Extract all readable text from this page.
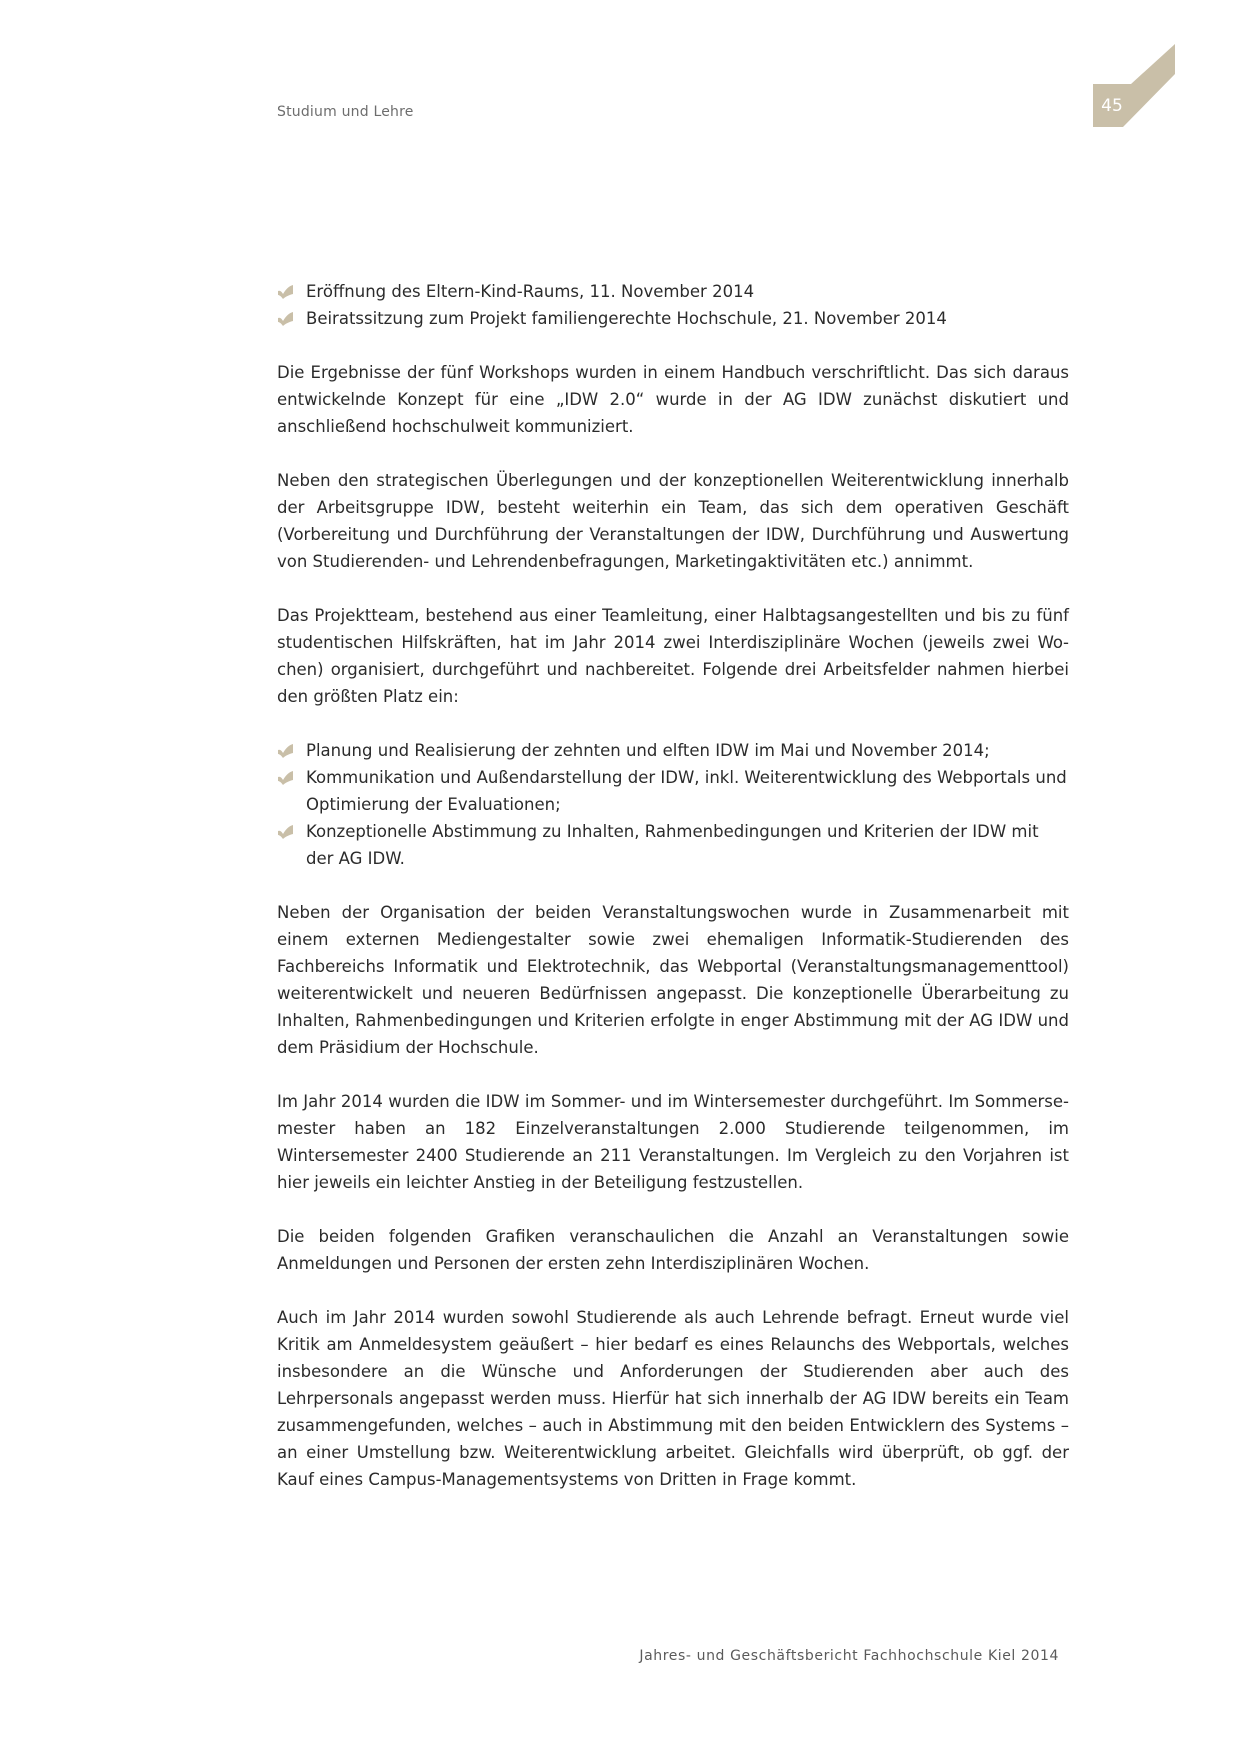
Studium und Lehre	45
Eröffnung des Eltern-Kind-Raums, 11. November 2014
Beiratssitzung zum Projekt familiengerechte Hochschule, 21. November 2014

Die Ergebnisse der fünf Workshops wurden in einem Handbuch verschriftlicht. Das sich daraus entwickelnde Konzept für eine „IDW 2.0“ wurde in der AG IDW zunächst diskutiert und anschließend hochschulweit kommuniziert.

Neben den strategischen Überlegungen und der konzeptionellen Weiterentwicklung innerhalb der Arbeitsgruppe IDW, besteht weiterhin ein Team, das sich dem operativen Geschäft (Vorbereitung und Durchführung der Veranstaltungen der IDW, Durchführung und Auswertung von Studierenden- und Lehrendenbefragungen, Marketingaktivitäten etc.) annimmt.

Das Projektteam, bestehend aus einer Teamleitung, einer Halbtagsangestellten und bis zu fünf studentischen Hilfskräften, hat im Jahr 2014 zwei Interdisziplinäre Wochen (jeweils zwei Wochen) organisiert, durchgeführt und nachbereitet. Folgende drei Arbeitsfelder nahmen hierbei den größten Platz ein:

Planung und Realisierung der zehnten und elften IDW im Mai und November 2014;
Kommunikation und Außendarstellung der IDW, inkl. Weiterentwicklung des Webportals und Optimierung der Evaluationen;
Konzeptionelle Abstimmung zu Inhalten, Rahmenbedingungen und Kriterien der IDW mit der AG IDW.

Neben der Organisation der beiden Veranstaltungswochen wurde in Zusammenarbeit mit einem externen Mediengestalter sowie zwei ehemaligen Informatik-Studierenden des Fachbereichs Informatik und Elektrotechnik, das Webportal (Veranstaltungsmanagementtool) weiterentwickelt und neueren Bedürfnissen angepasst. Die konzeptionelle Überarbeitung zu Inhalten, Rahmenbedingungen und Kriterien erfolgte in enger Abstimmung mit der AG IDW und dem Präsidium der Hochschule.

Im Jahr 2014 wurden die IDW im Sommer- und im Wintersemester durchgeführt. Im Sommersemester haben an 182 Einzelveranstaltungen 2.000 Studierende teilgenommen, im Wintersemester 2400 Studierende an 211 Veranstaltungen. Im Vergleich zu den Vorjahren ist hier jeweils ein leichter Anstieg in der Beteiligung festzustellen.

Die beiden folgenden Grafiken veranschaulichen die Anzahl an Veranstaltungen sowie Anmeldungen und Personen der ersten zehn Interdisziplinären Wochen.

Auch im Jahr 2014 wurden sowohl Studierende als auch Lehrende befragt. Erneut wurde viel Kritik am Anmeldesystem geäußert – hier bedarf es eines Relaunchs des Webportals, welches insbesondere an die Wünsche und Anforderungen der Studierenden aber auch des Lehrpersonals angepasst werden muss. Hierfür hat sich innerhalb der AG IDW bereits ein Team zusammengefunden, welches – auch in Abstimmung mit den beiden Entwicklern des Systems – an einer Umstellung bzw. Weiterentwicklung arbeitet. Gleichfalls wird überprüft, ob ggf. der Kauf eines Campus-Managementsystems von Dritten in Frage kommt.

Jahres- und Geschäftsbericht Fachhochschule Kiel 2014
